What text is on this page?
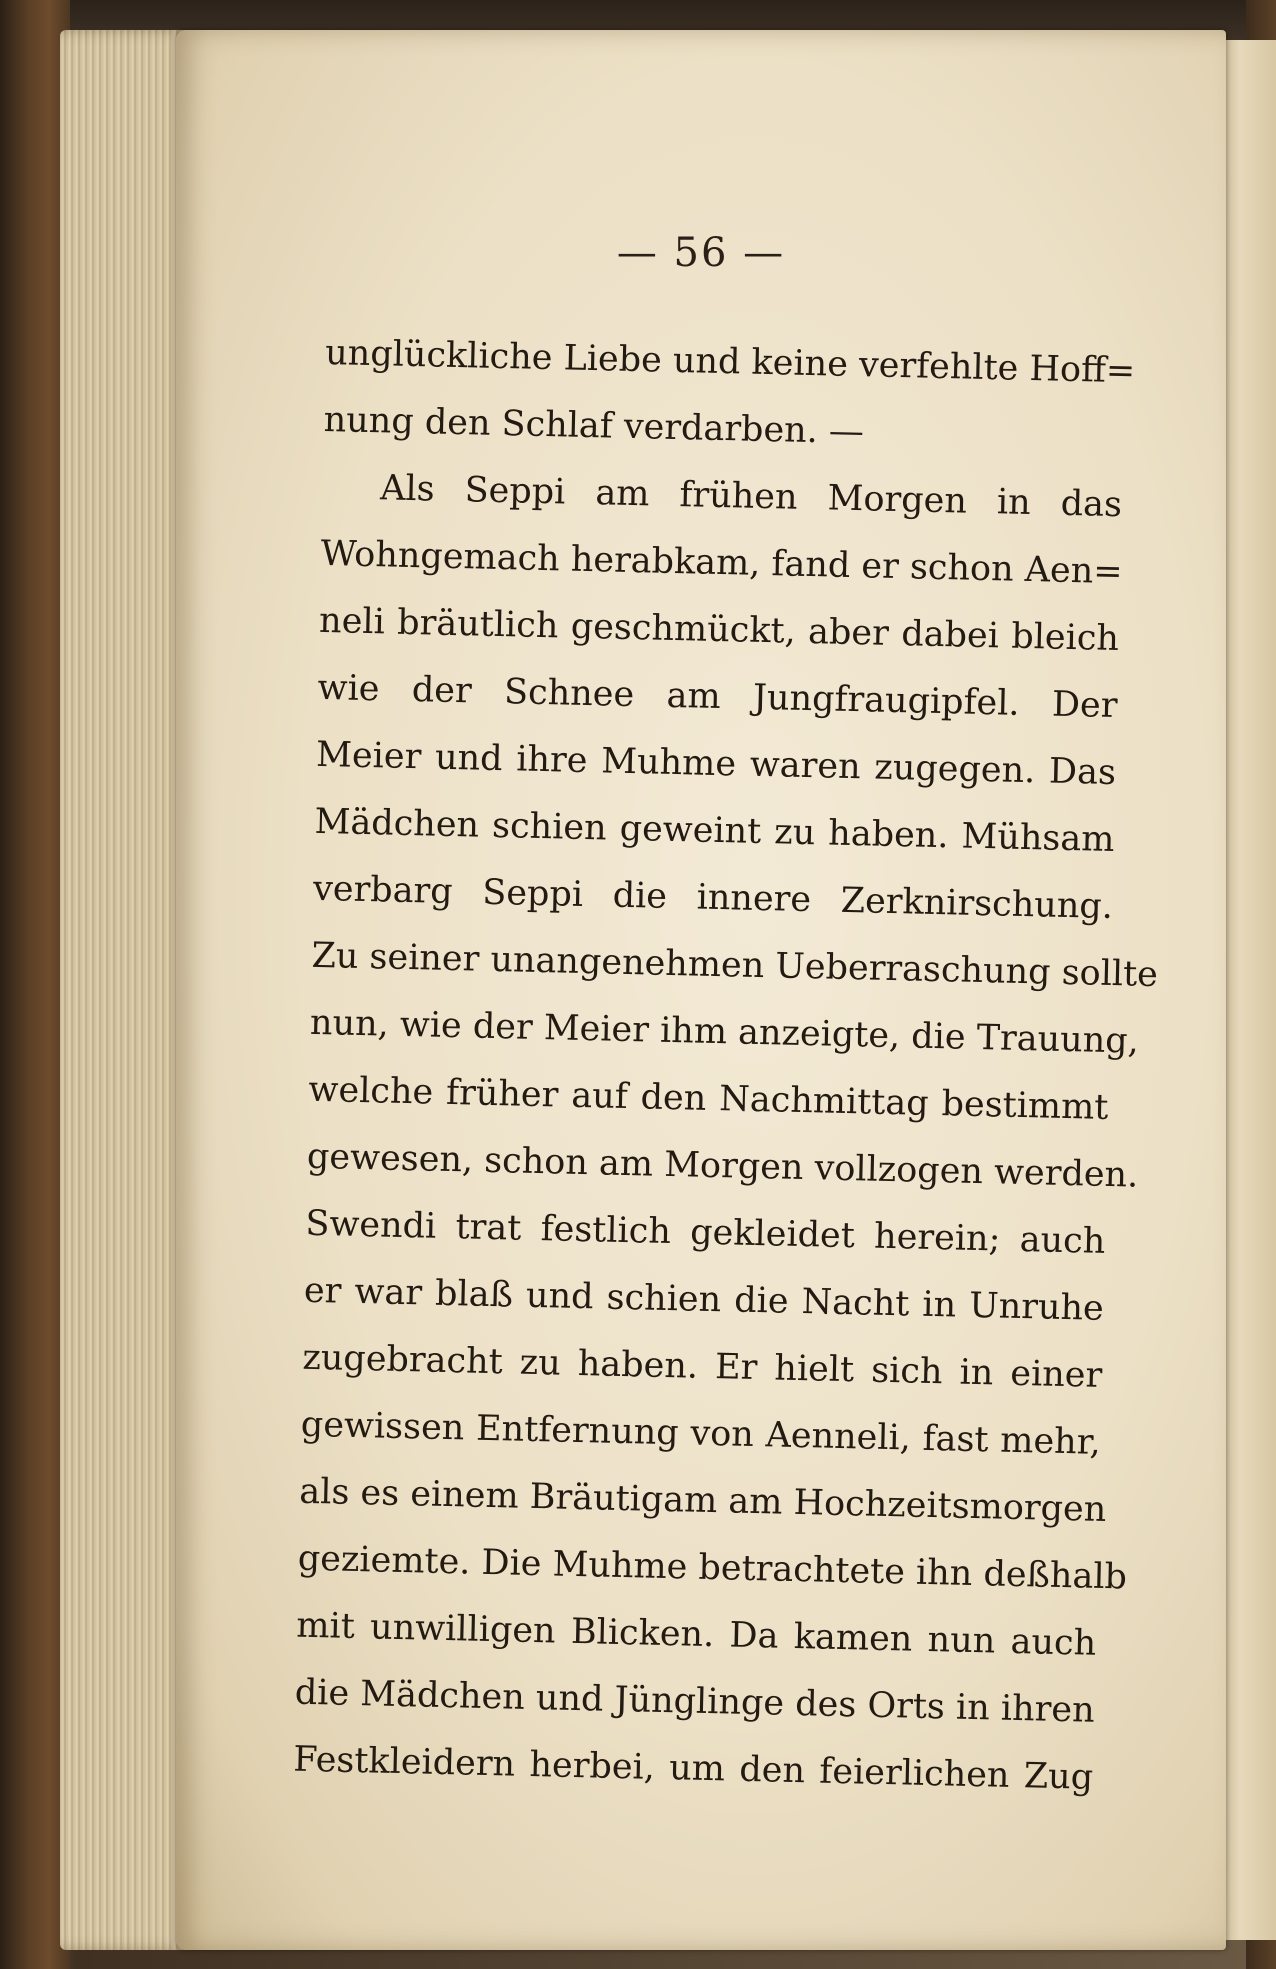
— 56 —
unglückliche Liebe und keine verfehlte Hoff=
nung den Schlaf verdarben. —
Als Seppi am frühen Morgen in das
Wohngemach herabkam, fand er schon Aen=
neli bräutlich geschmückt, aber dabei bleich
wie der Schnee am Jungfraugipfel. Der
Meier und ihre Muhme waren zugegen. Das
Mädchen schien geweint zu haben. Mühsam
verbarg Seppi die innere Zerknirschung.
Zu seiner unangenehmen Ueberraschung sollte
nun, wie der Meier ihm anzeigte, die Trauung,
welche früher auf den Nachmittag bestimmt
gewesen, schon am Morgen vollzogen werden.
Swendi trat festlich gekleidet herein; auch
er war blaß und schien die Nacht in Unruhe
zugebracht zu haben. Er hielt sich in einer
gewissen Entfernung von Aenneli, fast mehr,
als es einem Bräutigam am Hochzeitsmorgen
geziemte. Die Muhme betrachtete ihn deßhalb
mit unwilligen Blicken. Da kamen nun auch
die Mädchen und Jünglinge des Orts in ihren
Festkleidern herbei, um den feierlichen Zug
